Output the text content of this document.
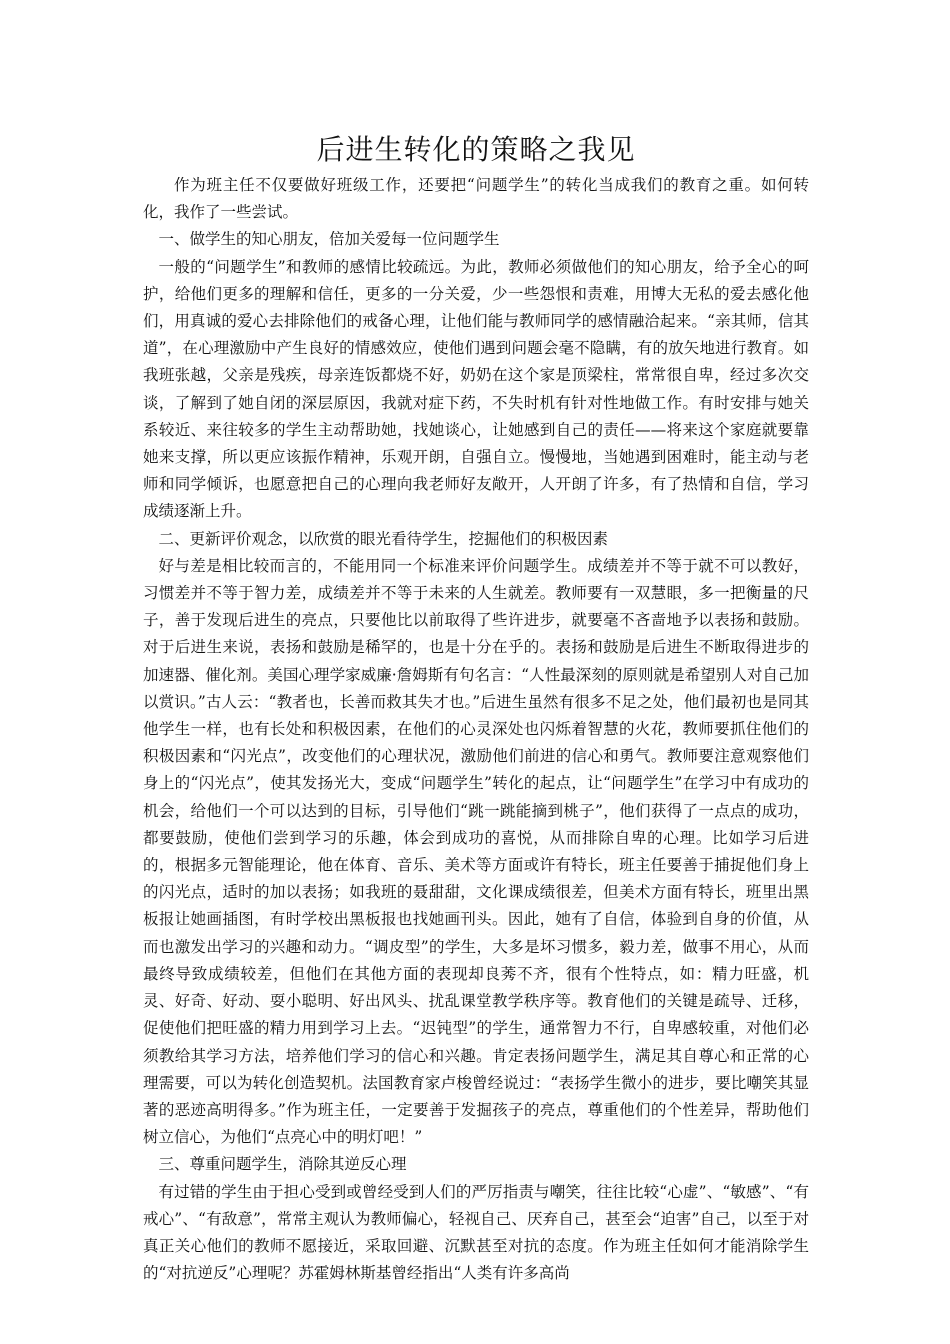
后进生转化的策略之我见

作为班主任不仅要做好班级工作，还要把“问题学生”的转化当成我们的教育之重。如何转化，我作了一些尝试。

一、做学生的知心朋友，倍加关爱每一位问题学生

一般的“问题学生”和教师的感情比较疏远。为此，教师必须做他们的知心朋友，给予全心的呵护，给他们更多的理解和信任，更多的一分关爱，少一些怨恨和责难，用博大无私的爱去感化他们，用真诚的爱心去排除他们的戒备心理，让他们能与教师同学的感情融洽起来。“亲其师，信其道”，在心理激励中产生良好的情感效应，使他们遇到问题会毫不隐瞒，有的放矢地进行教育。如我班张越，父亲是残疾，母亲连饭都烧不好，奶奶在这个家是顶梁柱，常常很自卑，经过多次交谈，了解到了她自闭的深层原因，我就对症下药，不失时机有针对性地做工作。有时安排与她关系较近、来往较多的学生主动帮助她，找她谈心，让她感到自己的责任——将来这个家庭就要靠她来支撑，所以更应该振作精神，乐观开朗，自强自立。慢慢地，当她遇到困难时，能主动与老师和同学倾诉，也愿意把自己的心理向我老师好友敞开，人开朗了许多，有了热情和自信，学习成绩逐渐上升。

二、更新评价观念，以欣赏的眼光看待学生，挖掘他们的积极因素

好与差是相比较而言的，不能用同一个标准来评价问题学生。成绩差并不等于就不可以教好，习惯差并不等于智力差，成绩差并不等于未来的人生就差。教师要有一双慧眼，多一把衡量的尺子，善于发现后进生的亮点，只要他比以前取得了些许进步，就要毫不吝啬地予以表扬和鼓励。对于后进生来说，表扬和鼓励是稀罕的，也是十分在乎的。表扬和鼓励是后进生不断取得进步的加速器、催化剂。美国心理学家威廉·詹姆斯有句名言：“人性最深刻的原则就是希望别人对自己加以赏识。”古人云：“教者也，长善而救其失才也。”后进生虽然有很多不足之处，他们最初也是同其他学生一样，也有长处和积极因素，在他们的心灵深处也闪烁着智慧的火花，教师要抓住他们的积极因素和“闪光点”，改变他们的心理状况，激励他们前进的信心和勇气。教师要注意观察他们身上的“闪光点”，使其发扬光大，变成“问题学生”转化的起点，让“问题学生”在学习中有成功的机会，给他们一个可以达到的目标，引导他们“跳一跳能摘到桃子”，他们获得了一点点的成功，都要鼓励，使他们尝到学习的乐趣，体会到成功的喜悦，从而排除自卑的心理。比如学习后进的，根据多元智能理论，他在体育、音乐、美术等方面或许有特长，班主任要善于捕捉他们身上的闪光点，适时的加以表扬；如我班的聂甜甜，文化课成绩很差，但美术方面有特长，班里出黑板报让她画插图，有时学校出黑板报也找她画刊头。因此，她有了自信，体验到自身的价值，从而也激发出学习的兴趣和动力。“调皮型”的学生，大多是坏习惯多，毅力差，做事不用心，从而最终导致成绩较差，但他们在其他方面的表现却良莠不齐，很有个性特点，如：精力旺盛，机灵、好奇、好动、耍小聪明、好出风头、扰乱课堂教学秩序等。教育他们的关键是疏导、迁移，促使他们把旺盛的精力用到学习上去。“迟钝型”的学生，通常智力不行，自卑感较重，对他们必须教给其学习方法，培养他们学习的信心和兴趣。肯定表扬问题学生，满足其自尊心和正常的心理需要，可以为转化创造契机。法国教育家卢梭曾经说过：“表扬学生微小的进步，要比嘲笑其显著的恶迹高明得多。”作为班主任，一定要善于发掘孩子的亮点，尊重他们的个性差异，帮助他们树立信心，为他们“点亮心中的明灯吧！”

三、尊重问题学生，消除其逆反心理

有过错的学生由于担心受到或曾经受到人们的严厉指责与嘲笑，往往比较“心虚”、“敏感”、“有戒心”、“有敌意”，常常主观认为教师偏心，轻视自己、厌弃自己，甚至会“迫害”自己，以至于对真正关心他们的教师不愿接近，采取回避、沉默甚至对抗的态度。作为班主任如何才能消除学生的“对抗逆反”心理呢？苏霍姆林斯基曾经指出“人类有许多高尚
